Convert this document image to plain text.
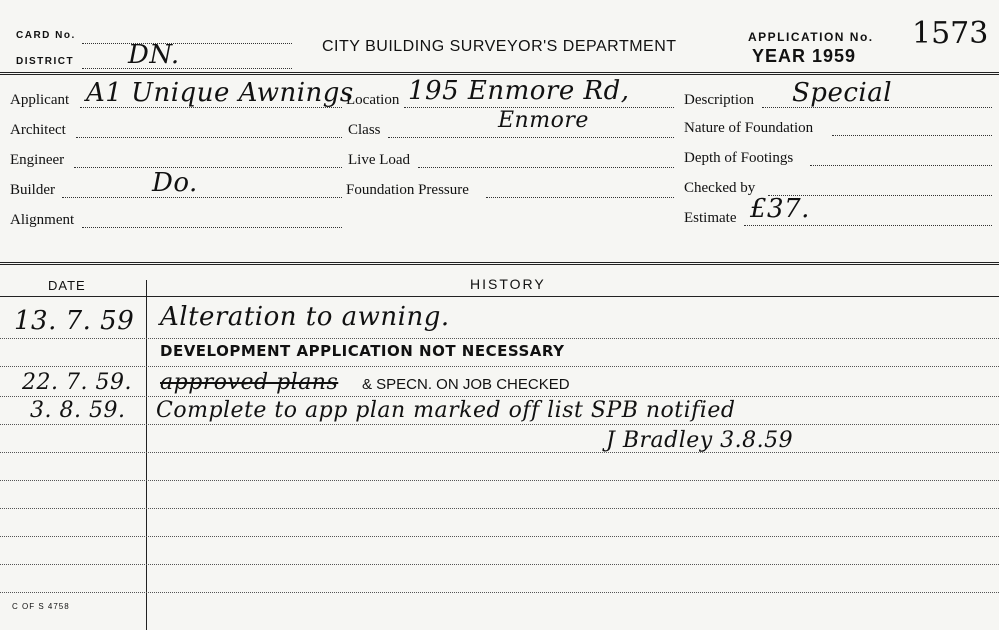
CARD No.
DISTRICT DN.	CITY BUILDING SURVEYOR'S DEPARTMENT
APPLICATION No. 1573
YEAR 1959
Applicant A1 Unique Awnings
Architect
Engineer
Builder	Do.
Alignment
Location 195 Enmore Rd,
Enmore
Class
Live Load
Foundation Pressure
Description Special
Nature of Foundation
Depth of Footings
Checked by
Estimate £37.
DATE	HISTORY
13. 7. 59 Alteration to awning.
DEVELOPMENT APPLICATION NOT NECESSARY
22. 7. 59. approved plans & SPECN. ON JOB CHECKED
3. 8. 59. Complete to app plan marked off list SPB notified
J Bradley 3.8.59
C OF S 4758
